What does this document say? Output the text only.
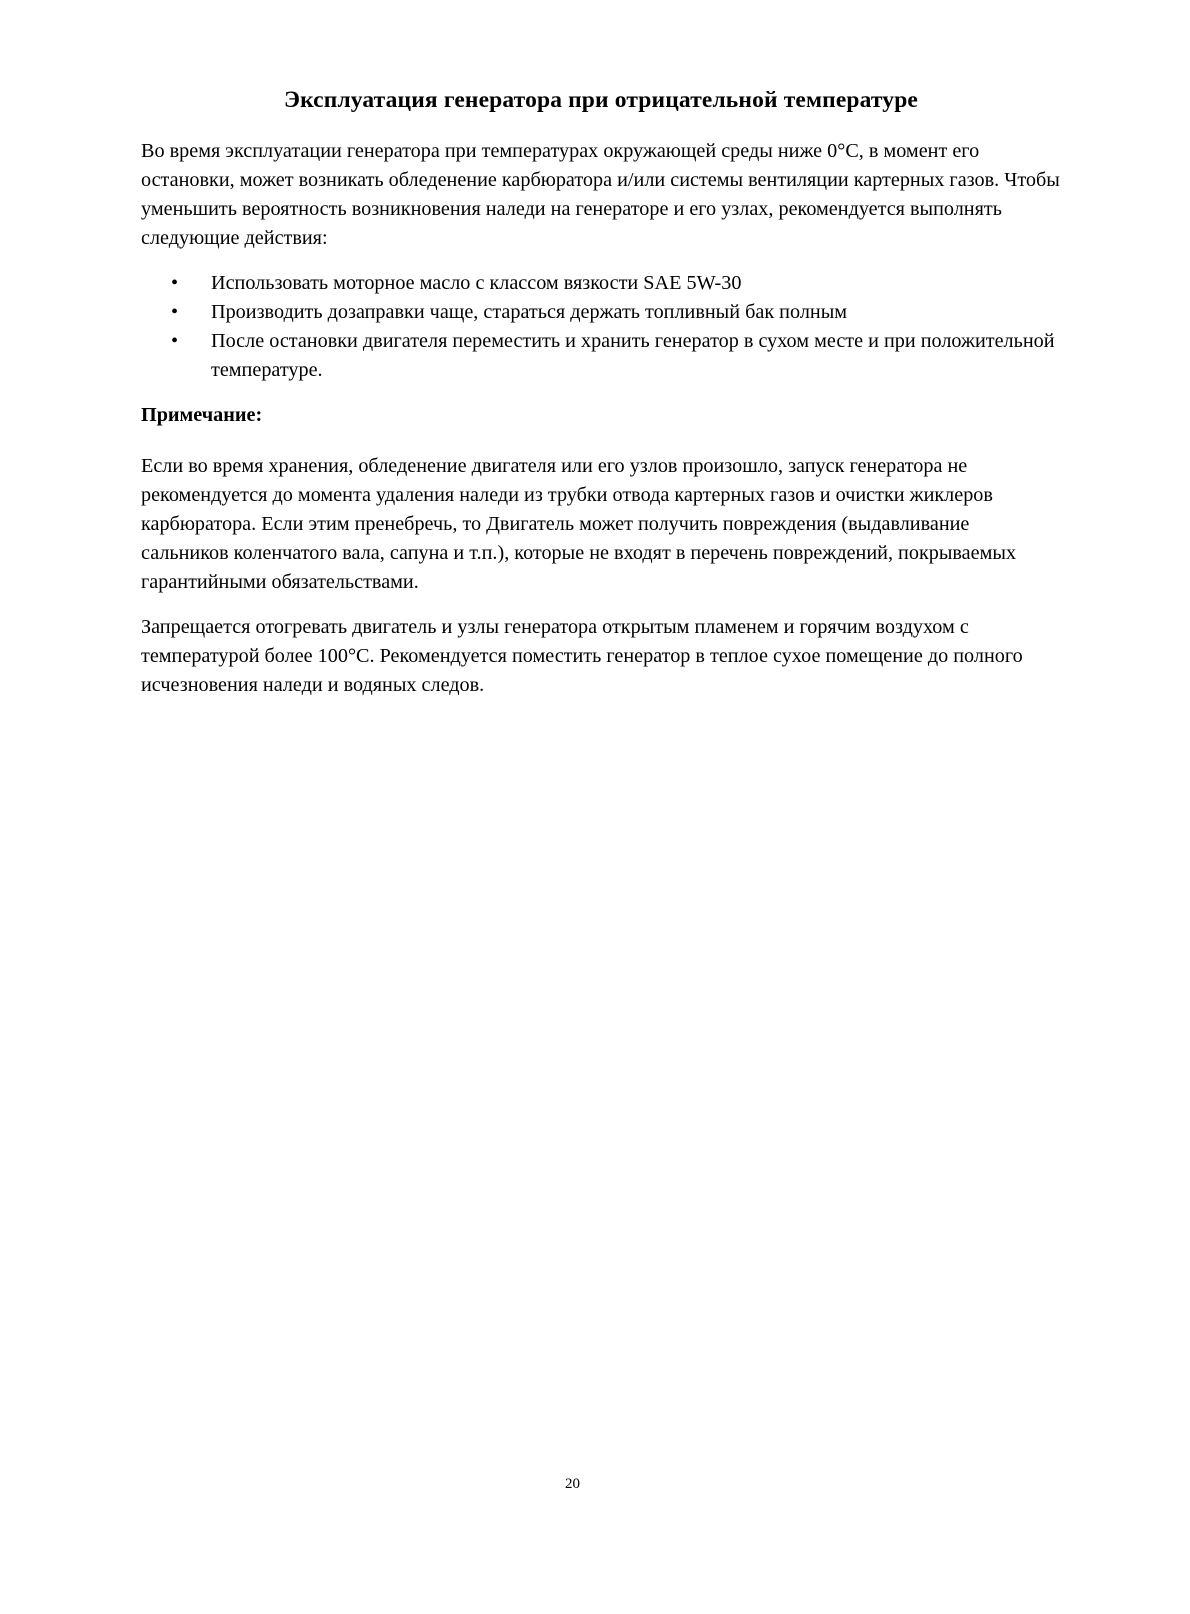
Эксплуатация генератора при отрицательной температуре

Во время эксплуатации генератора при температурах окружающей среды ниже 0°C, в момент его остановки, может возникать обледенение карбюратора и/или системы вентиляции картерных газов. Чтобы уменьшить вероятность возникновения наледи на генераторе и его узлах, рекомендуется выполнять следующие действия:

• Использовать моторное масло с классом вязкости SAE 5W-30
• Производить дозаправки чаще, стараться держать топливный бак полным
• После остановки двигателя переместить и хранить генератор в сухом месте и при положительной температуре.

Примечание:

Если во время хранения, обледенение двигателя или его узлов произошло, запуск генератора не рекомендуется до момента удаления наледи из трубки отвода картерных газов и очистки жиклеров карбюратора. Если этим пренебречь, то Двигатель может получить повреждения (выдавливание сальников коленчатого вала, сапуна и т.п.), которые не входят в перечень повреждений, покрываемых гарантийными обязательствами.

Запрещается отогревать двигатель и узлы генератора открытым пламенем и горячим воздухом с температурой более 100°C. Рекомендуется поместить генератор в теплое сухое помещение до полного исчезновения наледи и водяных следов.

20
